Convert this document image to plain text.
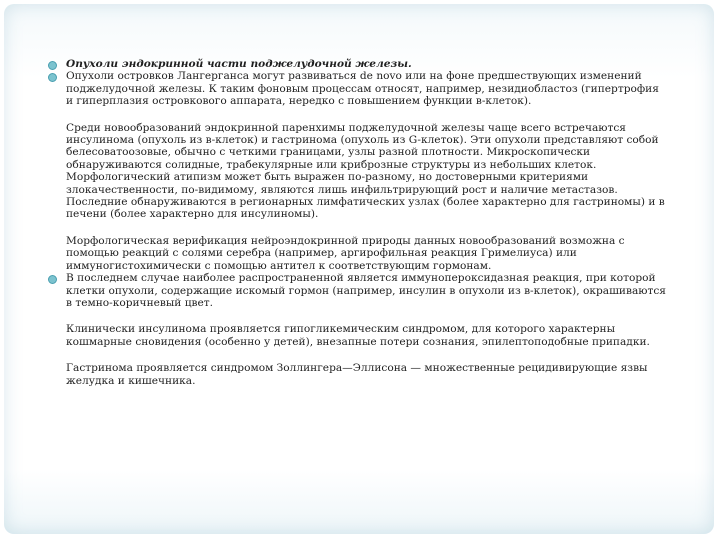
Опухоли эндокринной части поджелудочной железы.
Опухоли островков Лангерганса могут развиваться de novo или на фоне предшествующих изменений поджелудочной железы. К таким фоновым процессам относят, например, незидиобластоз (гипертрофия и гиперплазия островкового аппарата, нередко с повышением функции в-клеток).
Среди новообразований эндокринной паренхимы поджелудочной железы чаще всего встречаются инсулинома (опухоль из в-клеток) и гастринома (опухоль из G-клеток). Эти опухоли представляют собой белесоватоозовые, обычно с четкими границами, узлы разной плотности. Микроскопически обнаруживаются солидные, трабекулярные или криброзные структуры из небольших клеток. Морфологический атипизм может быть выражен по-разному, но достоверными критериями злокачественности, по-видимому, являются лишь инфильтрирующий рост и наличие метастазов. Последние обнаруживаются в регионарных лимфатических узлах (более характерно для гастриномы) и в печени (более характерно для инсулиномы).
Морфологическая верификация нейроэндокринной природы данных новообразований возможна с помощью реакций с солями серебра (например, аргирофильная реакция Гримелиуса) или иммуногистохимически с помощью антител к соответствующим гормонам.
В последнем случае наиболее распространенной является иммунопероксидазная реакция, при которой клетки опухоли, содержащие искомый гормон (например, инсулин в опухоли из в-клеток), окрашиваются в темно-коричневый цвет.
Клинически инсулинома проявляется гипогликемическим синдромом, для которого характерны кошмарные сновидения (особенно у детей), внезапные потери сознания, эпилептоподобные припадки.
Гастринома проявляется синдромом Золлингера—Эллисона — множественные рецидивирующие язвы желудка и кишечника.
